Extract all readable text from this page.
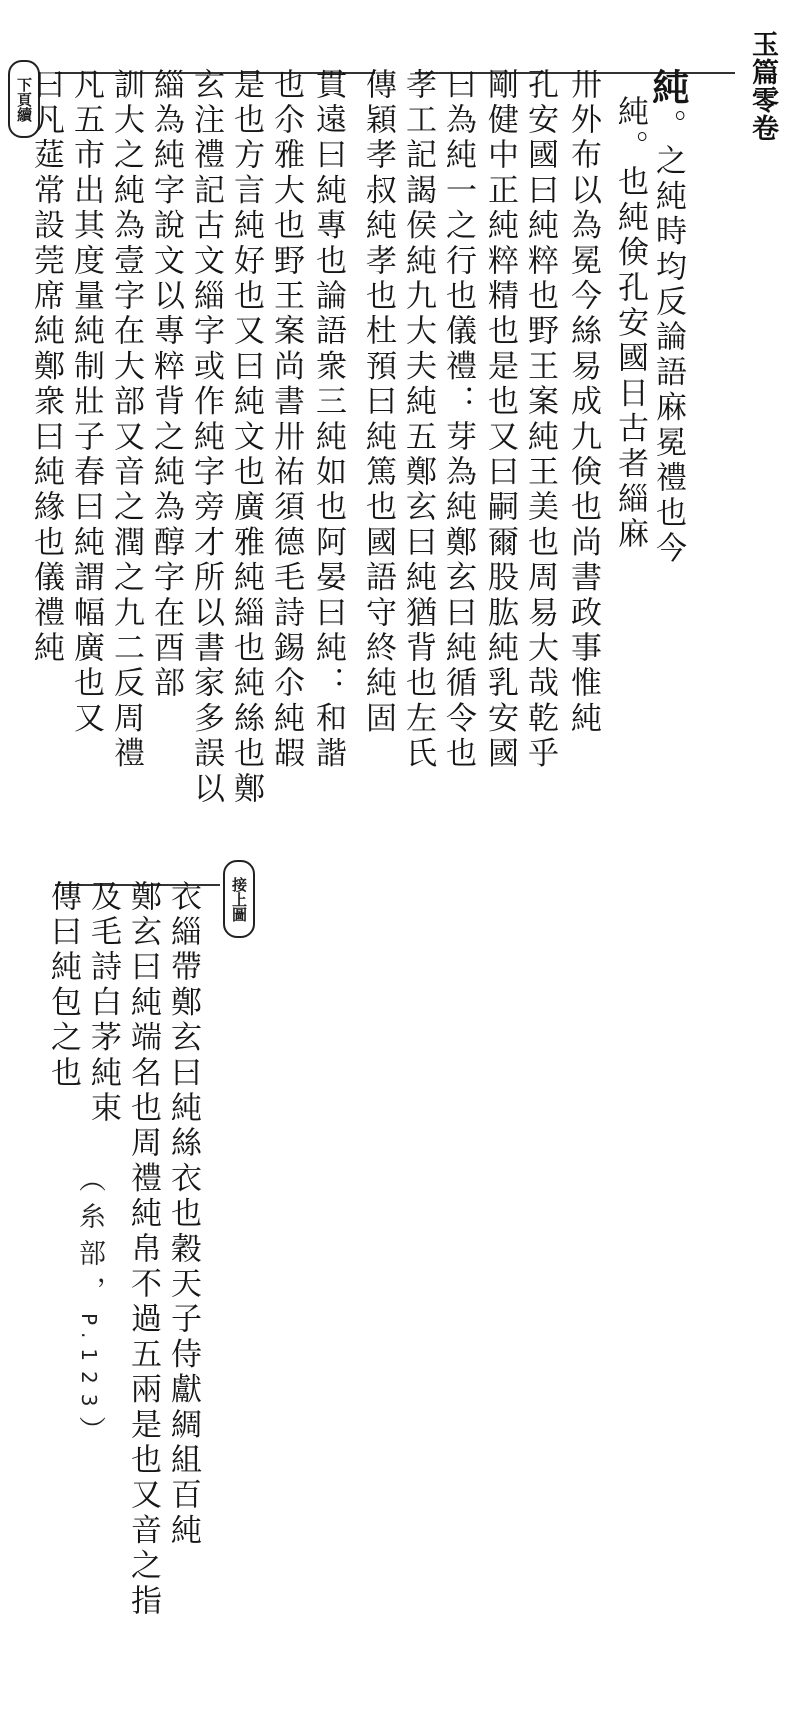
玉篇零卷
下頁續
接上圖
純。之純時均反論語麻冕禮也今
純。也純倹孔安國日古者緇麻
卅外布以為冕今絲易成九倹也尚書政事惟純
孔安國曰純粹也野王案純王美也周易大哉乾乎
剛健中正純粹精也是也又曰嗣爾股肱純乳安國
曰為純一之行也儀禮：芽為純鄭玄曰純循令也
孝工記謁侯純九大夫純五鄭玄曰純猶背也左氏
傳穎孝叔純孝也杜預曰純篤也國語守終純固
貫遠曰純專也論語衆三純如也阿晏曰純：和諧
也尒雅大也野王案尚書卅祐須德毛詩錫尒純嘏
是也方言純好也又曰純文也廣雅純緇也純絲也鄭
玄注禮記古文緇字或作純字旁才所以書家多誤以
緇為純字說文以專粹背之純為醇字在酉部
訓大之純為壹字在大部又音之潤之九二反周禮
凡五市出其度量純制壯子春曰純謂幅廣也又
曰凡莚常設莞席純鄭衆曰純緣也儀禮純
衣緇帶鄭玄曰純絲衣也穀天子侍獻綢組百純
鄭玄曰純端名也周禮純帛不過五兩是也又音之指
及毛詩白茅純束
傳曰純包之也
（糸部，P.123）
